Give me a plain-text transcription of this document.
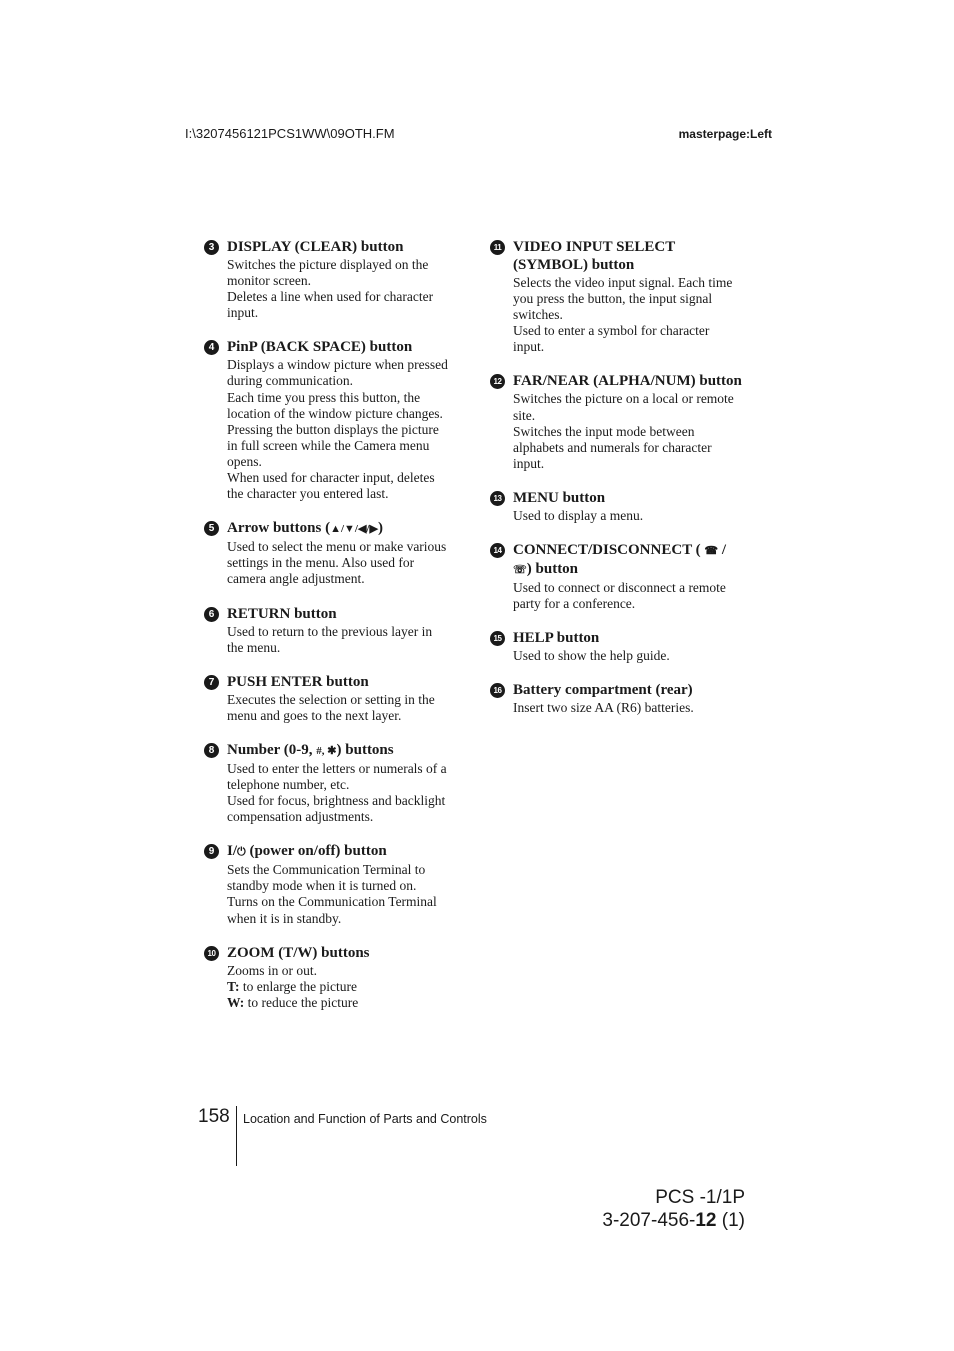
I:\3207456121PCS1WW\09OTH.FM	masterpage:Left
3 DISPLAY (CLEAR) button
Switches the picture displayed on the
monitor screen.
Deletes a line when used for character
input.
4 PinP (BACK SPACE) button
Displays a window picture when pressed
during communication.
Each time you press this button, the
location of the window picture changes.
Pressing the button displays the picture
in full screen while the Camera menu
opens.
When used for character input, deletes
the character you entered last.
5 Arrow buttons (▲/▼/◀/▶)
Used to select the menu or make various
settings in the menu. Also used for
camera angle adjustment.
6 RETURN button
Used to return to the previous layer in
the menu.
7 PUSH ENTER button
Executes the selection or setting in the
menu and goes to the next layer.
8 Number (0-9, #, ✱) buttons
Used to enter the letters or numerals of a
telephone number, etc.
Used for focus, brightness and backlight
compensation adjustments.
9 I/⏻ (power on/off) button
Sets the Communication Terminal to
standby mode when it is turned on.
Turns on the Communication Terminal
when it is in standby.
10 ZOOM (T/W) buttons
Zooms in or out.
T: to enlarge the picture
W: to reduce the picture
11 VIDEO INPUT SELECT
(SYMBOL) button
Selects the video input signal. Each time
you press the button, the input signal
switches.
Used to enter a symbol for character
input.
12 FAR/NEAR (ALPHA/NUM) button
Switches the picture on a local or remote
site.
Switches the input mode between
alphabets and numerals for character
input.
13 MENU button
Used to display a menu.
14 CONNECT/DISCONNECT ( ☎ /
☏) button
Used to connect or disconnect a remote
party for a conference.
15 HELP button
Used to show the help guide.
16 Battery compartment (rear)
Insert two size AA (R6) batteries.
158 Location and Function of Parts and Controls
PCS -1/1P
3-207-456-12 (1)
